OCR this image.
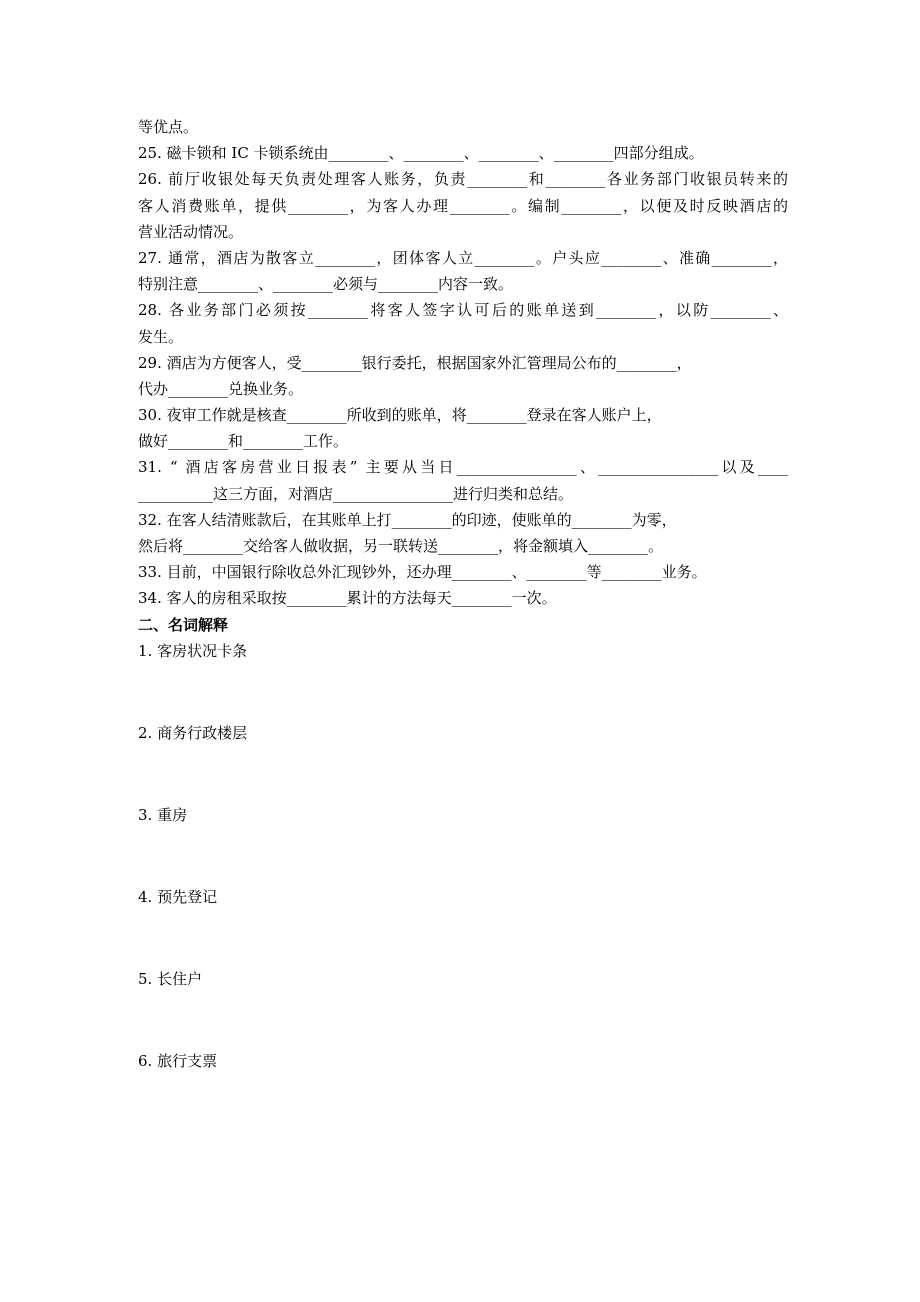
等优点。
25. 磁卡锁和 IC 卡锁系统由________、________、________、________四部分组成。
26. 前厅收银处每天负责处理客人账务，负责________和________各业务部门收银员转来的
客人消费账单，提供________，为客人办理________。编制________，以便及时反映酒店的
营业活动情况。
27. 通常，酒店为散客立________，团体客人立________。户头应________、准确________，
特别注意________、________必须与________内容一致。
28. 各业务部门必须按________将客人签字认可后的账单送到________，以防________、
发生。
29. 酒店为方便客人，受________银行委托，根据国家外汇管理局公布的________，
代办________兑换业务。
30. 夜审工作就是核查________所收到的账单，将________登录在客人账户上，
做好________和________工作。
31. “ 酒店客房营业日报表” 主要从当日________________、________________以及____
__________这三方面，对酒店________________进行归类和总结。
32. 在客人结清账款后，在其账单上打________的印迹，使账单的________为零，
然后将________交给客人做收据，另一联转送________，将金额填入________。
33. 目前，中国银行除收总外汇现钞外，还办理________、________等________业务。
34. 客人的房租采取按________累计的方法每天________一次。
二、名词解释
1. 客房状况卡条
2. 商务行政楼层
3. 重房
4. 预先登记
5. 长住户
6. 旅行支票
